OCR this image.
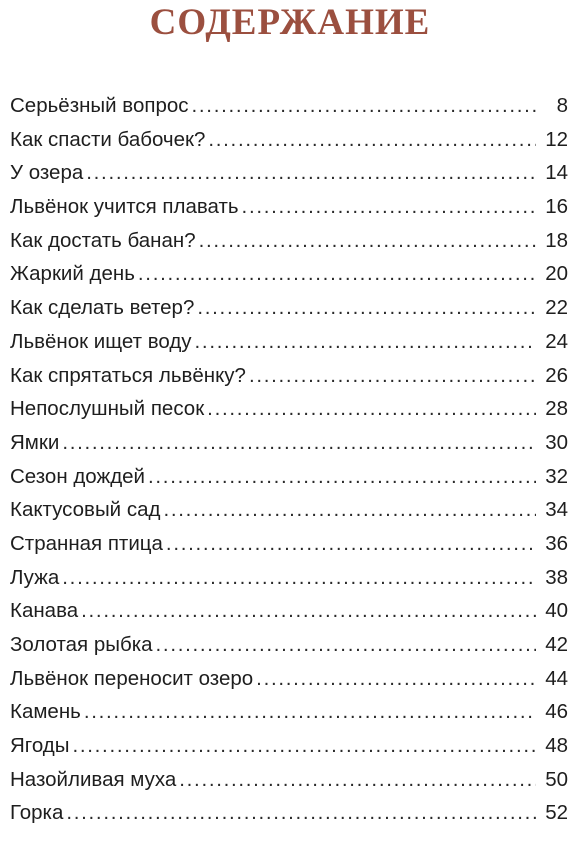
СОДЕРЖАНИЕ
Серьёзный вопрос . . .	8
Как спасти бабочек? . . .	12
У озера . . .	14
Львёнок учится плавать . . .	16
Как достать банан? . . .	18
Жаркий день . . .	20
Как сделать ветер? . . .	22
Львёнок ищет воду . . .	24
Как спрятаться львёнку? . . .	26
Непослушный песок . . .	28
Ямки . . .	30
Сезон дождей . . .	32
Кактусовый сад . . .	34
Странная птица . . .	36
Лужа . . .	38
Канава . . .	40
Золотая рыбка . . .	42
Львёнок переносит озеро . . .	44
Камень . . .	46
Ягоды . . .	48
Назойливая муха . . .	50
Горка . . .	52
